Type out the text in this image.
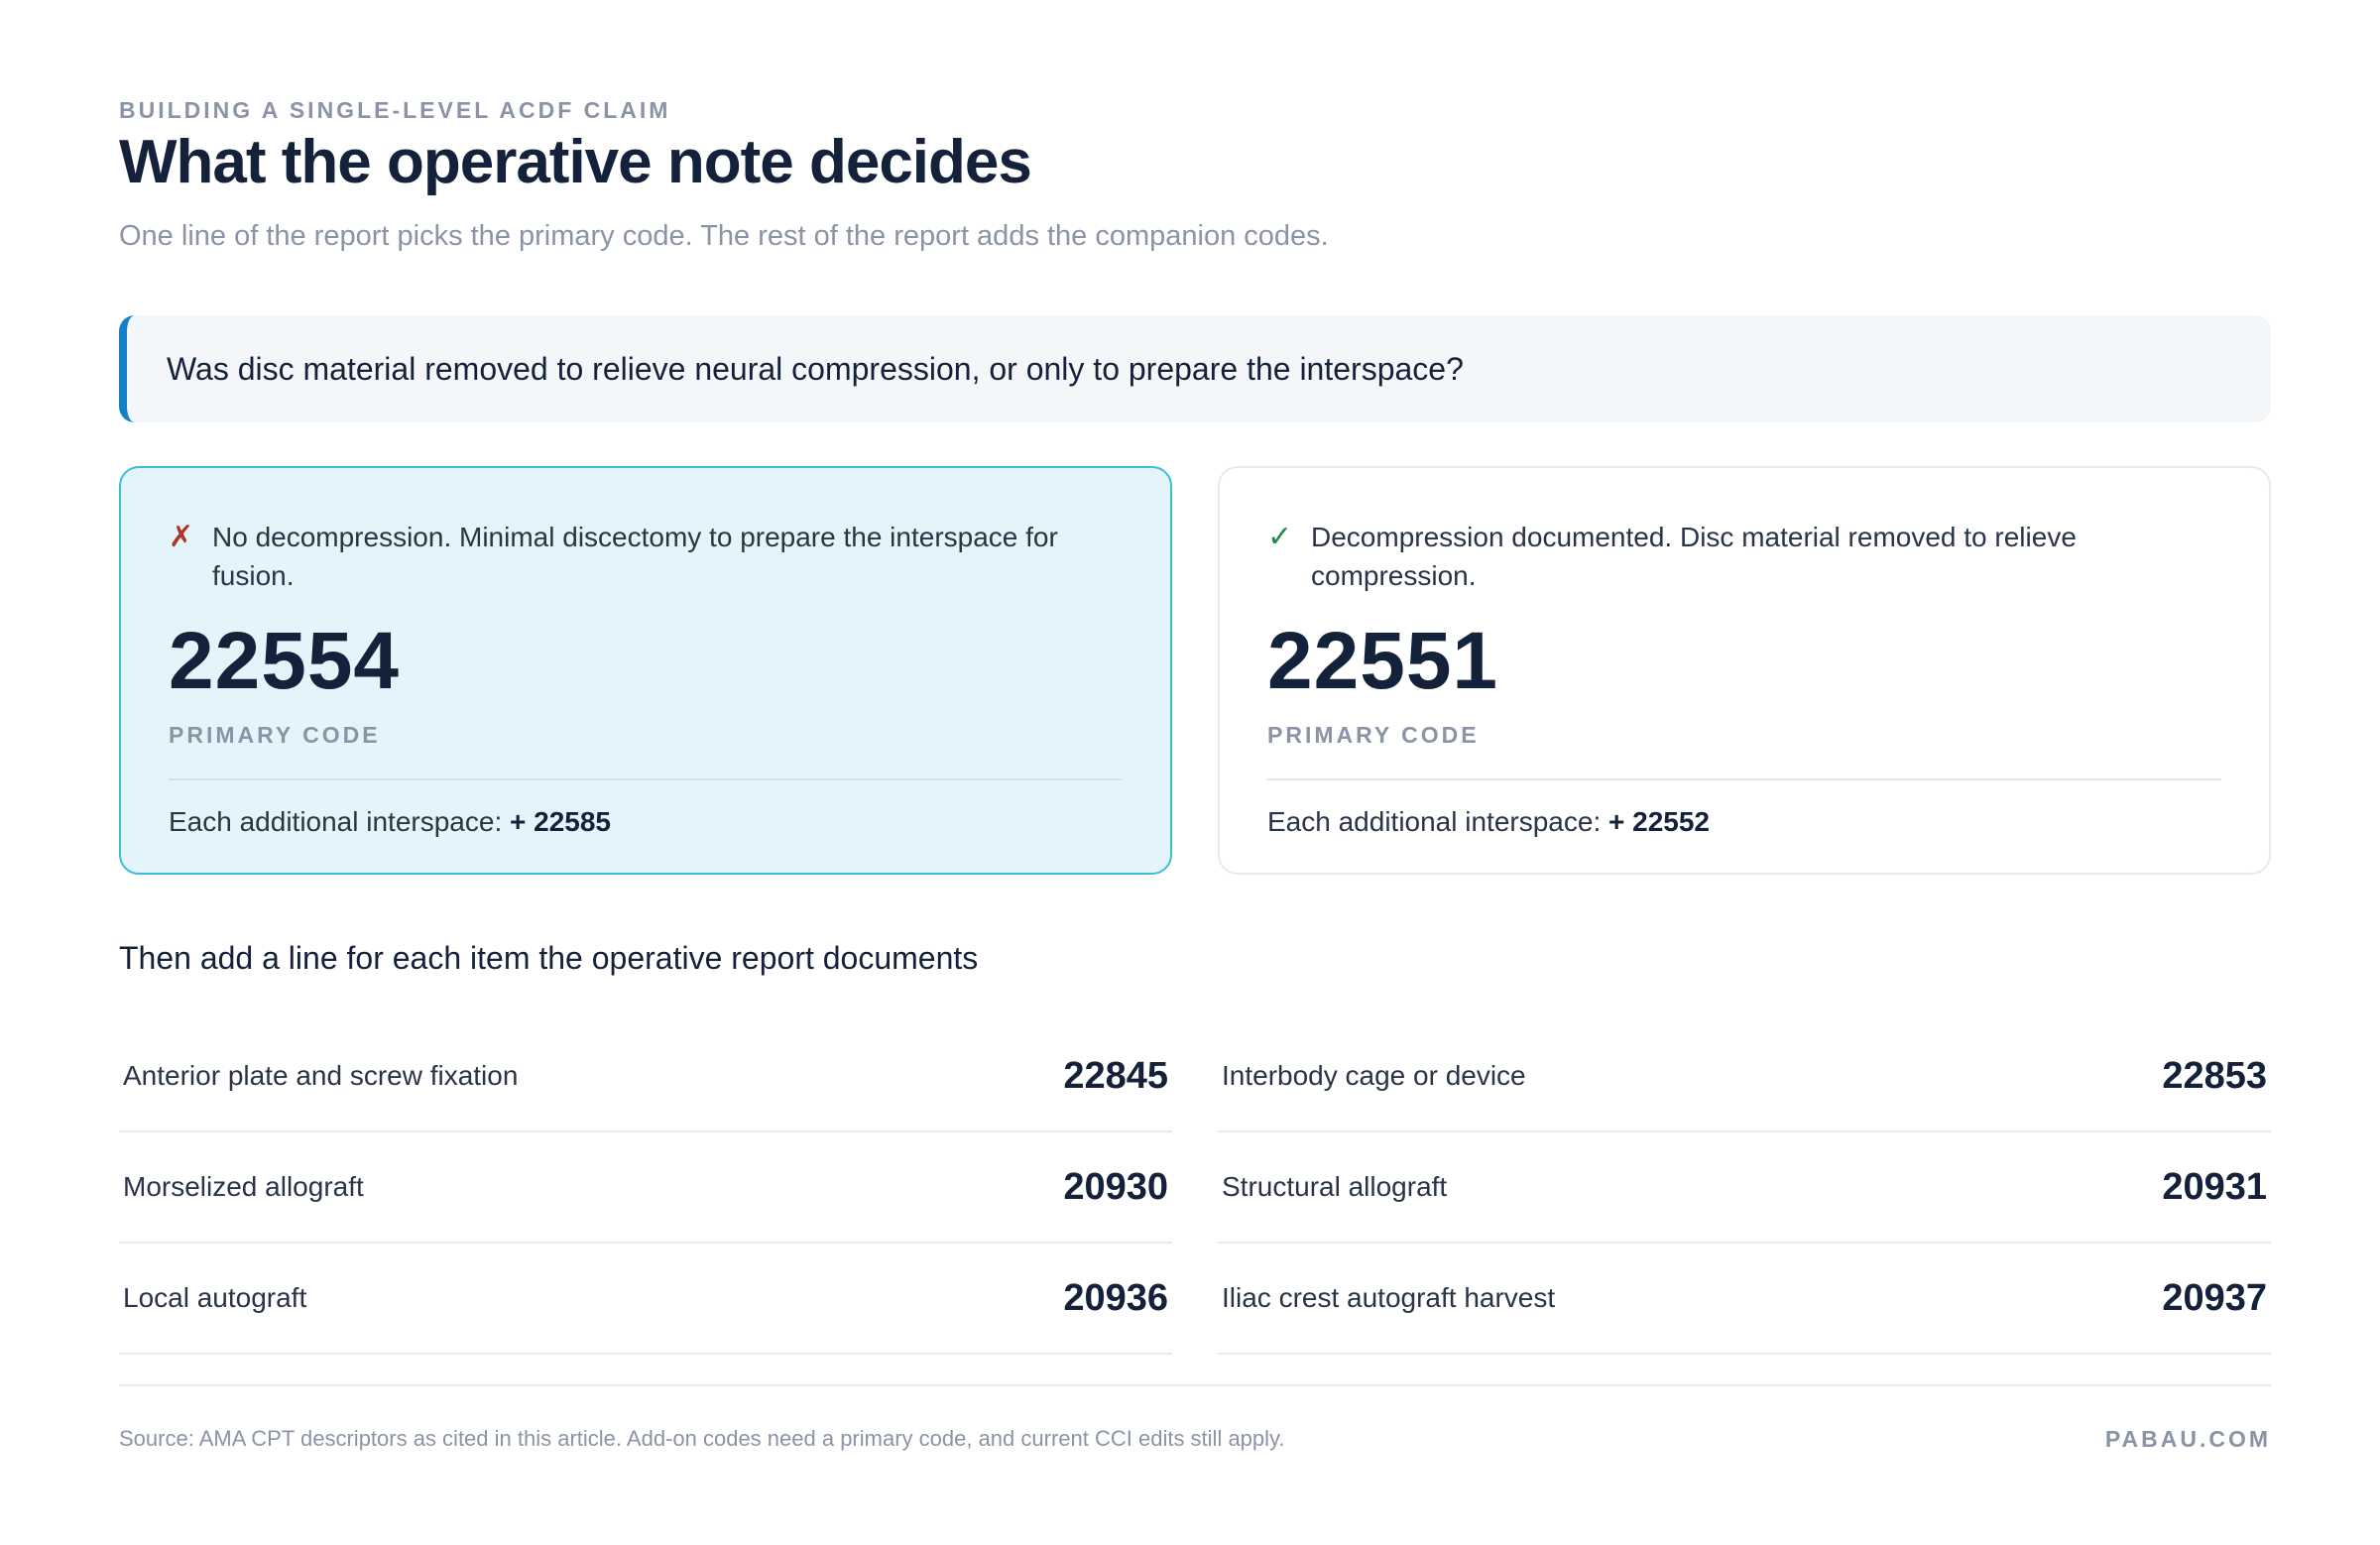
BUILDING A SINGLE-LEVEL ACDF CLAIM
What the operative note decides
One line of the report picks the primary code. The rest of the report adds the companion codes.
Was disc material removed to relieve neural compression, or only to prepare the interspace?
✗ No decompression. Minimal discectomy to prepare the interspace for fusion.
22554
PRIMARY CODE
Each additional interspace: + 22585
✓ Decompression documented. Disc material removed to relieve compression.
22551
PRIMARY CODE
Each additional interspace: + 22552
Then add a line for each item the operative report documents
Anterior plate and screw fixation	22845 Interbody cage or device	22853
Morselized allograft	20930 Structural allograft	20931
Local autograft	20936 Iliac crest autograft harvest	20937
Source: AMA CPT descriptors as cited in this article. Add-on codes need a primary code, and current CCI edits still apply.	PABAU.COM
